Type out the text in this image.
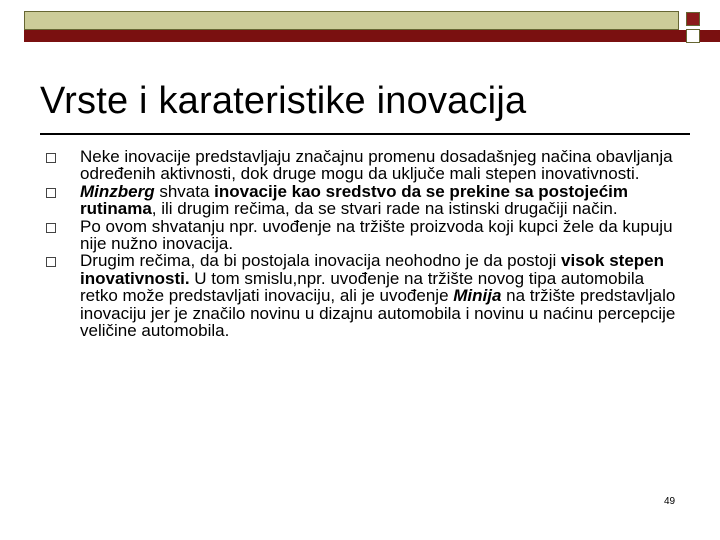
Vrste i karateristike inovacija
Neke inovacije predstavljaju značajnu promenu dosadašnjeg načina obavljanja određenih aktivnosti, dok druge mogu da uključe mali stepen inovativnosti.
Minzberg shvata inovacije kao sredstvo da se prekine sa postojećim rutinama, ili drugim rečima, da se stvari rade na istinski drugačiji način.
Po ovom shvatanju npr. uvođenje na tržište proizvoda koji kupci žele da kupuju nije nužno inovacija.
Drugim rečima, da bi postojala inovacija neohodno je da postoji visok stepen inovativnosti. U tom smislu,npr. uvođenje na tržište novog tipa automobila retko može predstavljati inovaciju, ali je uvođenje Minija na tržište predstavljalo inovaciju jer je značilo novinu u dizajnu automobila i novinu u naćinu percepcije veličine automobila.
49
